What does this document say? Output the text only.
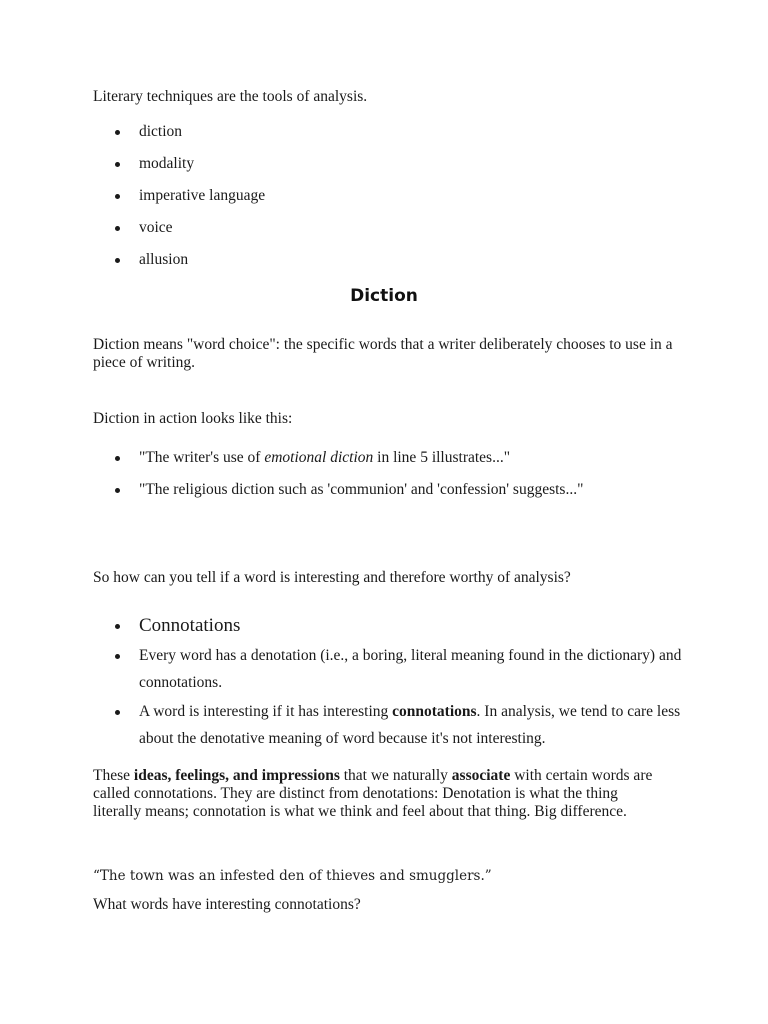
Literary techniques are the tools of analysis.

diction
modality
imperative language
voice
allusion
Diction

Diction means "word choice": the specific words that a writer deliberately chooses to use in a piece of writing.

Diction in action looks like this:

"The writer's use of emotional diction in line 5 illustrates..."
"The religious diction such as 'communion' and 'confession' suggests..."

So how can you tell if a word is interesting and therefore worthy of analysis?

Connotations
Every word has a denotation (i.e., a boring, literal meaning found in the dictionary) and connotations.
A word is interesting if it has interesting connotations. In analysis, we tend to care less about the denotative meaning of word because it's not interesting.

These ideas, feelings, and impressions that we naturally associate with certain words are called connotations. They are distinct from denotations: Denotation is what the thing literally means; connotation is what we think and feel about that thing. Big difference.

“The town was an infested den of thieves and smugglers.”

What words have interesting connotations?
